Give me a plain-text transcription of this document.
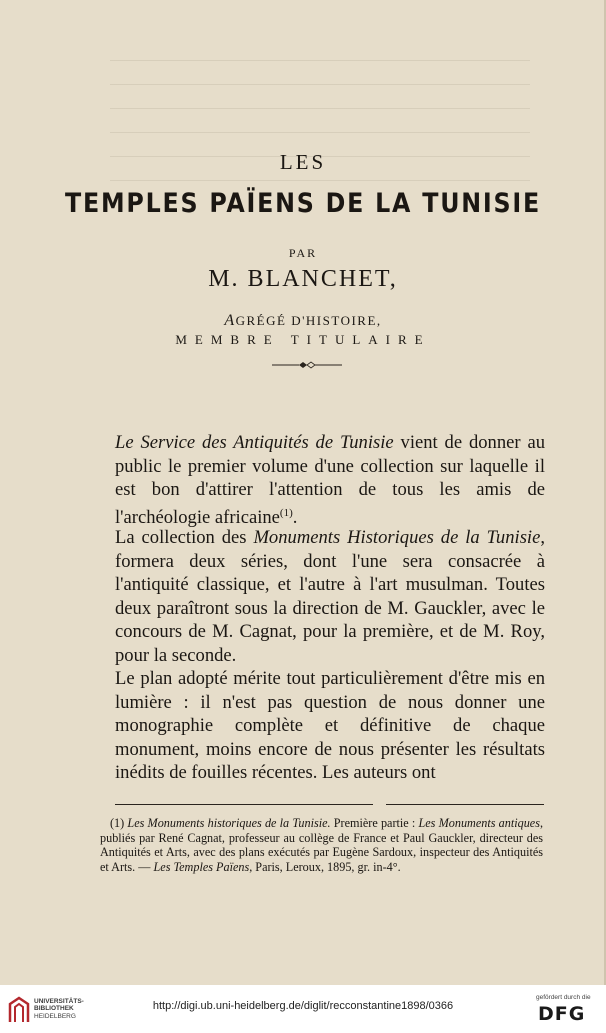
LES
TEMPLES PAÏENS DE LA TUNISIE
PAR
M. BLANCHET,
AGRÉGÉ D'HISTOIRE,
MEMBRE TITULAIRE
Le Service des Antiquités de Tunisie vient de donner au public le premier volume d'une collection sur laquelle il est bon d'attirer l'attention de tous les amis de l'archéologie africaine$^{(1)}$.
La collection des Monuments Historiques de la Tunisie, formera deux séries, dont l'une sera consacrée à l'antiquité classique, et l'autre à l'art musulman. Toutes deux paraîtront sous la direction de M. Gauckler, avec le concours de M. Cagnat, pour la première, et de M. Roy, pour la seconde.
Le plan adopté mérite tout particulièrement d'être mis en lumière : il n'est pas question de nous donner une monographie complète et définitive de chaque monument, moins encore de nous présenter les résultats inédits de fouilles récentes. Les auteurs ont
(1) Les Monuments historiques de la Tunisie. Première partie : Les Monuments antiques, publiés par René Cagnat, professeur au collège de France et Paul Gauckler, directeur des Antiquités et Arts, avec des plans exécutés par Eugène Sardoux, inspecteur des Antiquités et Arts. — Les Temples Païens, Paris, Leroux, 1895, gr. in-4°.
UNIVERSITÄTS-
BIBLIOTHEK
HEIDELBERG
http://digi.ub.uni-heidelberg.de/diglit/recconstantine1898/0366
gefördert durch die
DFG
